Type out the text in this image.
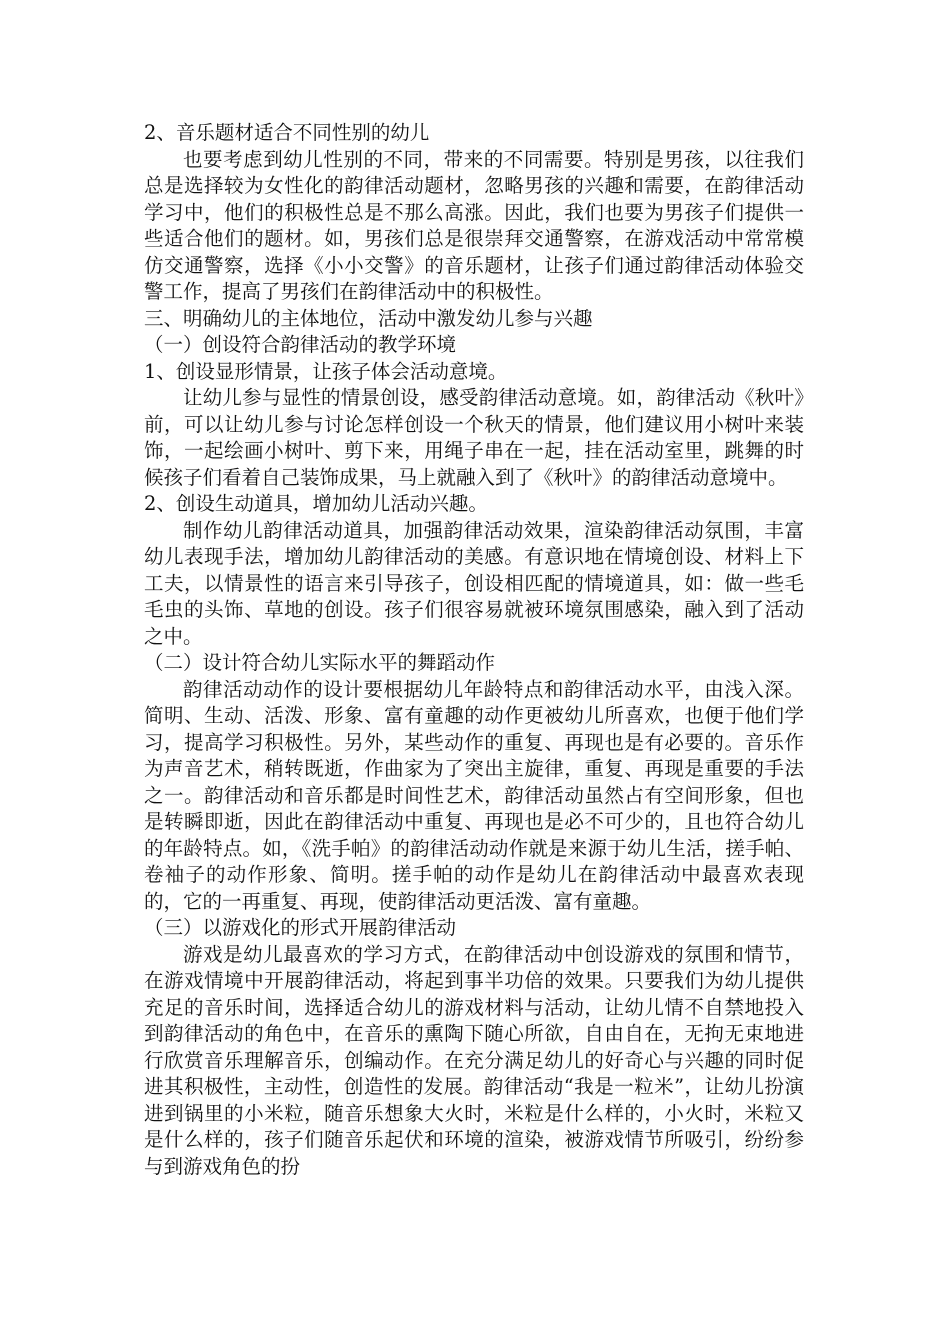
2、音乐题材适合不同性别的幼儿

也要考虑到幼儿性别的不同，带来的不同需要。特别是男孩，以往我们总是选择较为女性化的韵律活动题材，忽略男孩的兴趣和需要，在韵律活动学习中，他们的积极性总是不那么高涨。因此，我们也要为男孩子们提供一些适合他们的题材。如，男孩们总是很崇拜交通警察，在游戏活动中常常模仿交通警察，选择《小小交警》的音乐题材，让孩子们通过韵律活动体验交警工作，提高了男孩们在韵律活动中的积极性。

三、明确幼儿的主体地位，活动中激发幼儿参与兴趣

（一）创设符合韵律活动的教学环境

1、创设显形情景，让孩子体会活动意境。

让幼儿参与显性的情景创设，感受韵律活动意境。如，韵律活动《秋叶》前，可以让幼儿参与讨论怎样创设一个秋天的情景，他们建议用小树叶来装饰，一起绘画小树叶、剪下来，用绳子串在一起，挂在活动室里，跳舞的时候孩子们看着自己装饰成果，马上就融入到了《秋叶》的韵律活动意境中。

2、创设生动道具，增加幼儿活动兴趣。

制作幼儿韵律活动道具，加强韵律活动效果，渲染韵律活动氛围，丰富幼儿表现手法，增加幼儿韵律活动的美感。有意识地在情境创设、材料上下工夫，以情景性的语言来引导孩子，创设相匹配的情境道具，如：做一些毛毛虫的头饰、草地的创设。孩子们很容易就被环境氛围感染，融入到了活动之中。

（二）设计符合幼儿实际水平的舞蹈动作

韵律活动动作的设计要根据幼儿年龄特点和韵律活动水平，由浅入深。简明、生动、活泼、形象、富有童趣的动作更被幼儿所喜欢，也便于他们学习，提高学习积极性。另外，某些动作的重复、再现也是有必要的。音乐作为声音艺术，稍转既逝，作曲家为了突出主旋律，重复、再现是重要的手法之一。韵律活动和音乐都是时间性艺术，韵律活动虽然占有空间形象，但也是转瞬即逝，因此在韵律活动中重复、再现也是必不可少的，且也符合幼儿的年龄特点。如，《洗手帕》的韵律活动动作就是来源于幼儿生活，搓手帕、卷袖子的动作形象、简明。搓手帕的动作是幼儿在韵律活动中最喜欢表现的，它的一再重复、再现，使韵律活动更活泼、富有童趣。

（三）以游戏化的形式开展韵律活动

游戏是幼儿最喜欢的学习方式，在韵律活动中创设游戏的氛围和情节，在游戏情境中开展韵律活动，将起到事半功倍的效果。只要我们为幼儿提供充足的音乐时间，选择适合幼儿的游戏材料与活动，让幼儿情不自禁地投入到韵律活动的角色中，在音乐的熏陶下随心所欲，自由自在，无拘无束地进行欣赏音乐理解音乐，创编动作。在充分满足幼儿的好奇心与兴趣的同时促进其积极性，主动性，创造性的发展。韵律活动“我是一粒米”，让幼儿扮演进到锅里的小米粒，随音乐想象大火时，米粒是什么样的，小火时，米粒又是什么样的，孩子们随音乐起伏和环境的渲染，被游戏情节所吸引，纷纷参与到游戏角色的扮
